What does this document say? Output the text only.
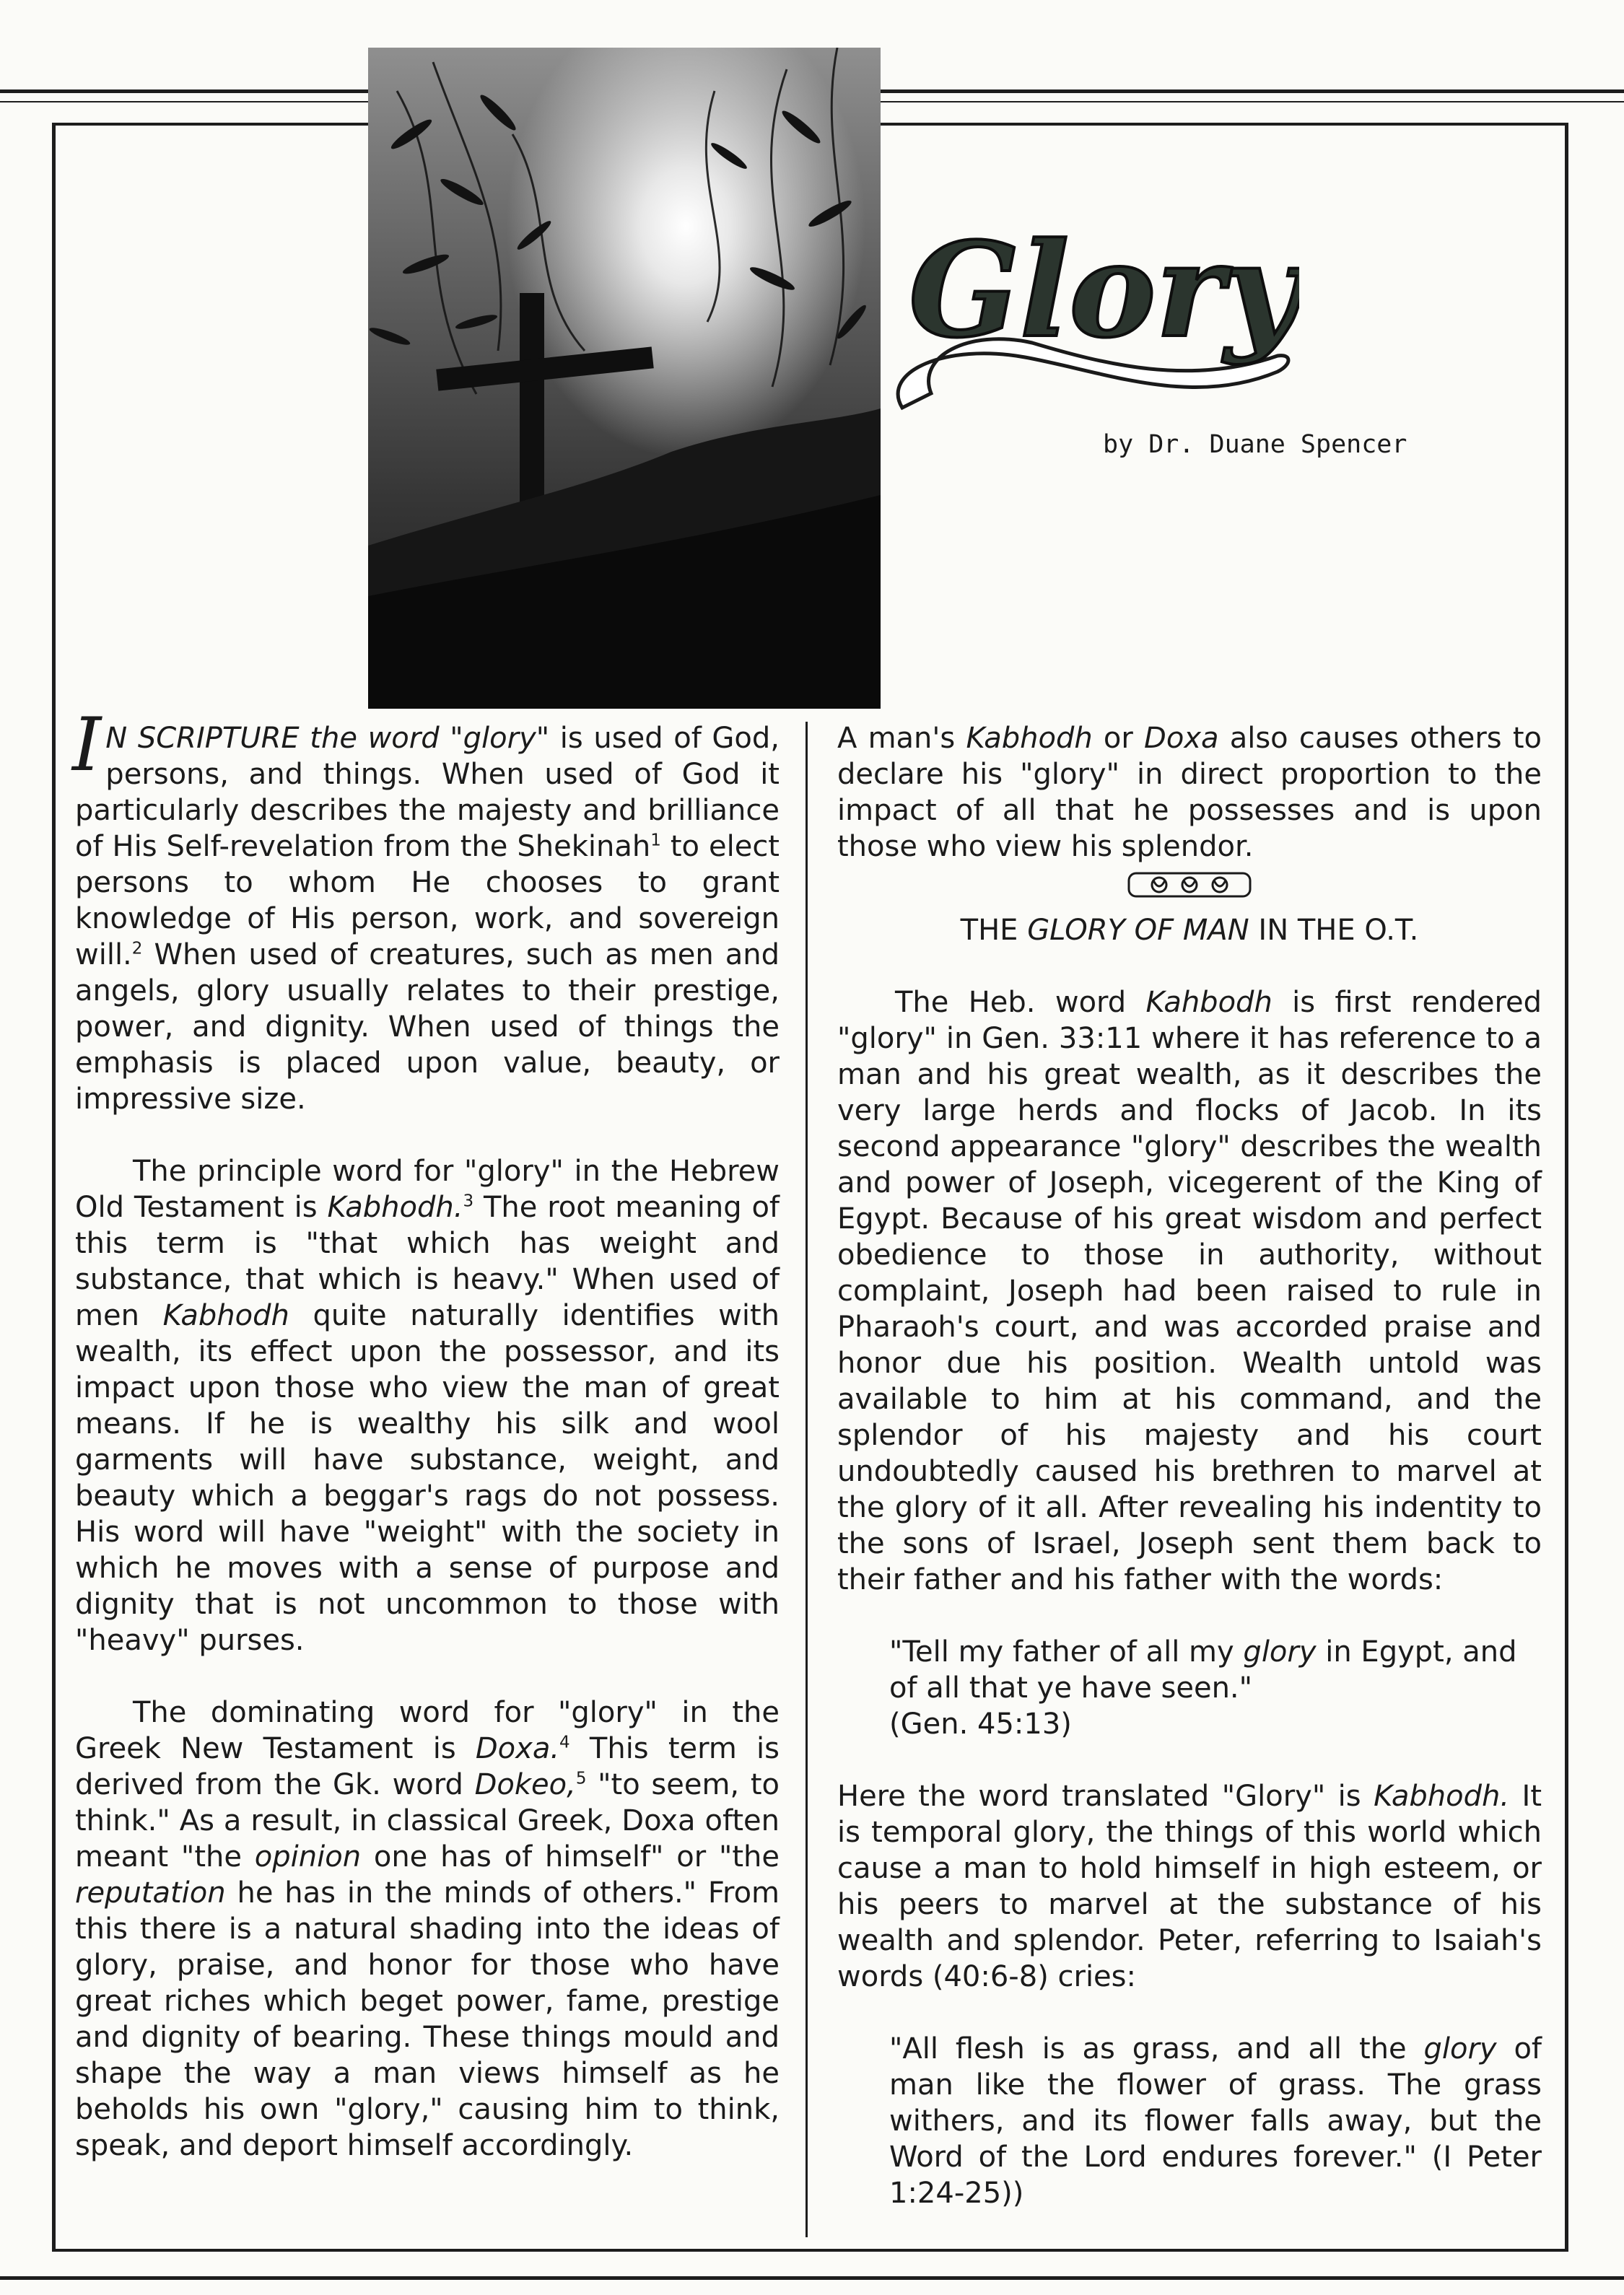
Glory
by Dr. Duane Spencer

I N SCRIPTURE the word "glory" is used of God, persons, and things. When used of God it particularly describes the majesty and brilliance of His Self-revelation from the Shekinah$^1$ to elect persons to whom He chooses to grant knowledge of His person, work, and sovereign will.$^2$ When used of creatures, such as men and angels, glory usually relates to their prestige, power, and dignity. When used of things the emphasis is placed upon value, beauty, or impressive size.

The principle word for "glory" in the Hebrew Old Testament is Kabhodh.$^3$ The root meaning of this term is "that which has weight and substance, that which is heavy." When used of men Kabhodh quite naturally identifies with wealth, its effect upon the possessor, and its impact upon those who view the man of great means. If he is wealthy his silk and wool garments will have substance, weight, and beauty which a beggar's rags do not possess. His word will have "weight" with the society in which he moves with a sense of purpose and dignity that is not uncommon to those with "heavy" purses.

The dominating word for "glory" in the Greek New Testament is Doxa.$^4$ This term is derived from the Gk. word Dokeo,$^5$ "to seem, to think." As a result, in classical Greek, Doxa often meant "the opinion one has of himself" or "the reputation he has in the minds of others." From this there is a natural shading into the ideas of glory, praise, and honor for those who have great riches which beget power, fame, prestige and dignity of bearing. These things mould and shape the way a man views himself as he beholds his own "glory," causing him to think, speak, and deport himself accordingly.

A man's Kabhodh or Doxa also causes others to declare his "glory" in direct proportion to the impact of all that he possesses and is upon those who view his splendor.

THE GLORY OF MAN IN THE O.T.

The Heb. word Kahbodh is first rendered "glory" in Gen. 33:11 where it has reference to a man and his great wealth, as it describes the very large herds and flocks of Jacob. In its second appearance "glory" describes the wealth and power of Joseph, vicegerent of the King of Egypt. Because of his great wisdom and perfect obedience to those in authority, without complaint, Joseph had been raised to rule in Pharaoh's court, and was accorded praise and honor due his position. Wealth untold was available to him at his command, and the splendor of his majesty and his court undoubtedly caused his brethren to marvel at the glory of it all. After revealing his indentity to the sons of Israel, Joseph sent them back to their father and his father with the words:

"Tell my father of all my glory in Egypt, and of all that ye have seen."
(Gen. 45:13)

Here the word translated "Glory" is Kabhodh. It is temporal glory, the things of this world which cause a man to hold himself in high esteem, or his peers to marvel at the substance of his wealth and splendor. Peter, referring to Isaiah's words (40:6-8) cries:

"All flesh is as grass, and all the glory of man like the flower of grass. The grass withers, and its flower falls away, but the Word of the Lord endures forever." (I Peter 1:24-25))
